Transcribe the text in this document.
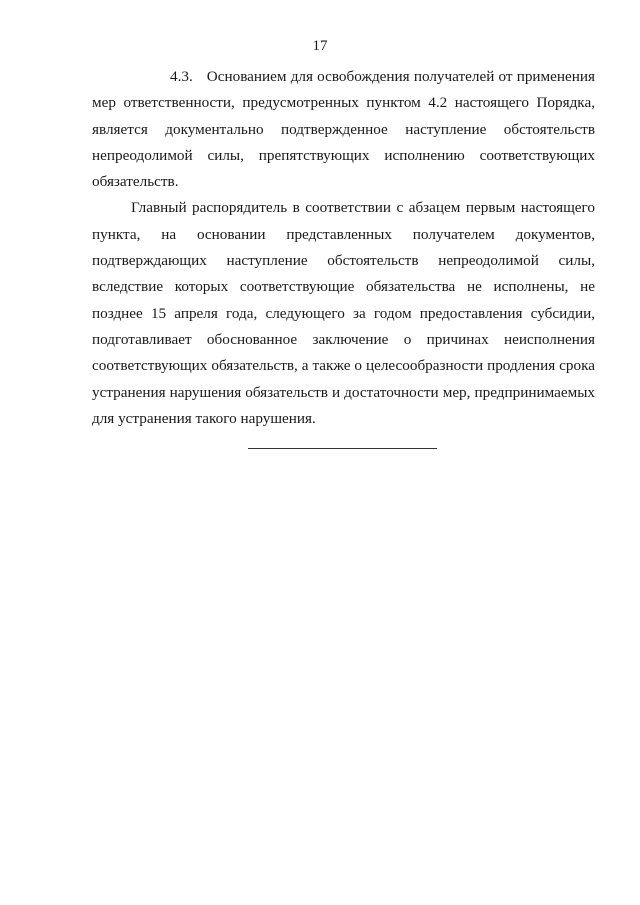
17

4.3. Основанием для освобождения получателей от применения мер ответственности, предусмотренных пунктом 4.2 настоящего Порядка, является документально подтвержденное наступление обстоятельств непреодолимой силы, препятствующих исполнению соответствующих обязательств.

Главный распорядитель в соответствии с абзацем первым настоящего пункта, на основании представленных получателем документов, подтверждающих наступление обстоятельств непреодолимой силы, вследствие которых соответствующие обязательства не исполнены, не позднее 15 апреля года, следующего за годом предоставления субсидии, подготавливает обоснованное заключение о причинах неисполнения соответствующих обязательств, а также о целесообразности продления срока устранения нарушения обязательств и достаточности мер, предпринимаемых для устранения такого нарушения.
